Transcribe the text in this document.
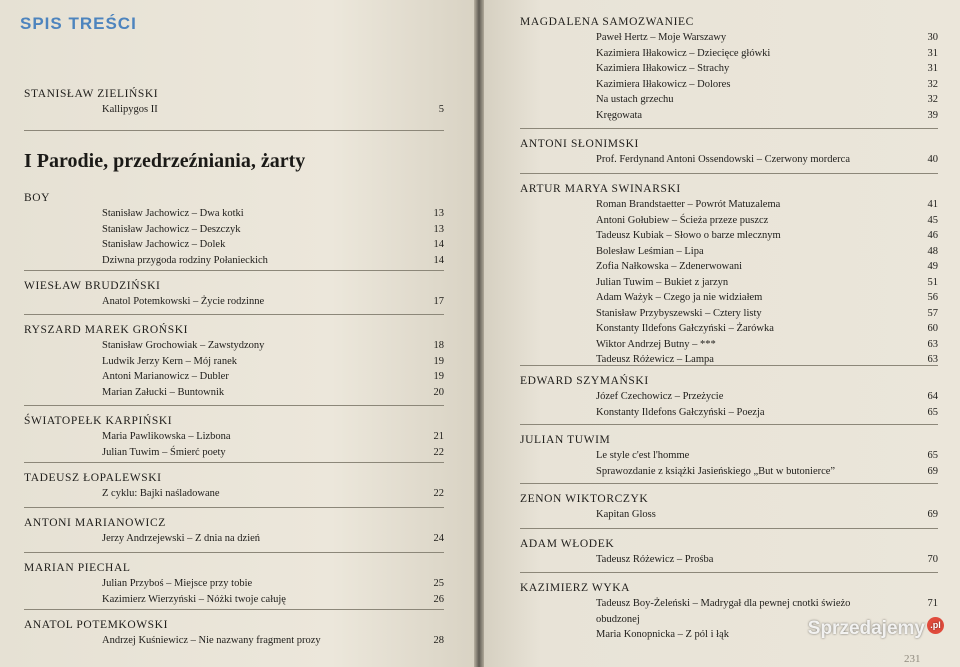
SPIS TREŚCI
I Parodie, przedrzeźniania, żarty
STANISŁAW ZIELIŃSKI
Kallipygos II	5
BOY
Stanisław Jachowicz – Dwa kotki	13
Stanisław Jachowicz – Deszczyk	13
Stanisław Jachowicz – Dolek	14
Dziwna przygoda rodziny Połanieckich	14
WIESŁAW BRUDZIŃSKI
Anatol Potemkowski – Życie rodzinne	17
RYSZARD MAREK GROŃSKI
Stanisław Grochowiak – Zawstydzony	18
Ludwik Jerzy Kern – Mój ranek	19
Antoni Marianowicz – Dubler	19
Marian Załucki – Buntownik	20
ŚWIATOPEŁK KARPIŃSKI
Maria Pawlikowska – Lizbona	21
Julian Tuwim – Śmierć poety	22
TADEUSZ ŁOPALEWSKI
Z cyklu: Bajki naśladowane	22
ANTONI MARIANOWICZ
Jerzy Andrzejewski – Z dnia na dzień	24
MARIAN PIECHAL
Julian Przyboś – Miejsce przy tobie	25
Kazimierz Wierzyński – Nóżki twoje całuję	26
ANATOL POTEMKOWSKI
Andrzej Kuśniewicz – Nie nazwany fragment prozy	28
MAGDALENA SAMOZWANIEC
Paweł Hertz – Moje Warszawy	30
Kazimiera Iłłakowicz – Dziecięce główki	31
Kazimiera Iłłakowicz – Strachy	31
Kazimiera Iłłakowicz – Dolores	32
Na ustach grzechu	32
Kręgowata	39
ANTONI SŁONIMSKI
Prof. Ferdynand Antoni Ossendowski – Czerwony morderca	40
ARTUR MARYA SWINARSKI
Roman Brandstaetter – Powrót Matuzalema	41
Antoni Gołubiew – Ścieża przeze puszcz	45
Tadeusz Kubiak – Słowo o barze mlecznym	46
Bolesław Leśmian – Lipa	48
Zofia Nałkowska – Zdenerwowani	49
Julian Tuwim – Bukiet z jarzyn	51
Adam Ważyk – Czego ja nie widziałem	56
Stanisław Przybyszewski – Cztery listy	57
Konstanty Ildefons Gałczyński – Żarówka	60
Wiktor Andrzej Butny – ***	63
Tadeusz Różewicz – Lampa	63
EDWARD SZYMAŃSKI
Józef Czechowicz – Przeżycie	64
Konstanty Ildefons Gałczyński – Poezja	65
JULIAN TUWIM
Le style c'est l'homme	65
Sprawozdanie z książki Jasieńskiego „But w butonierce”	69
ZENON WIKTORCZYK
Kapitan Gloss	69
ADAM WŁODEK
Tadeusz Różewicz – Prośba	70
KAZIMIERZ WYKA
Tadeusz Boy-Żeleński – Madrygał dla pewnej cnotki świeżo	71
obudzonej
Maria Konopnicka – Z pól i łąk
231
Sprzedajemy .pl
